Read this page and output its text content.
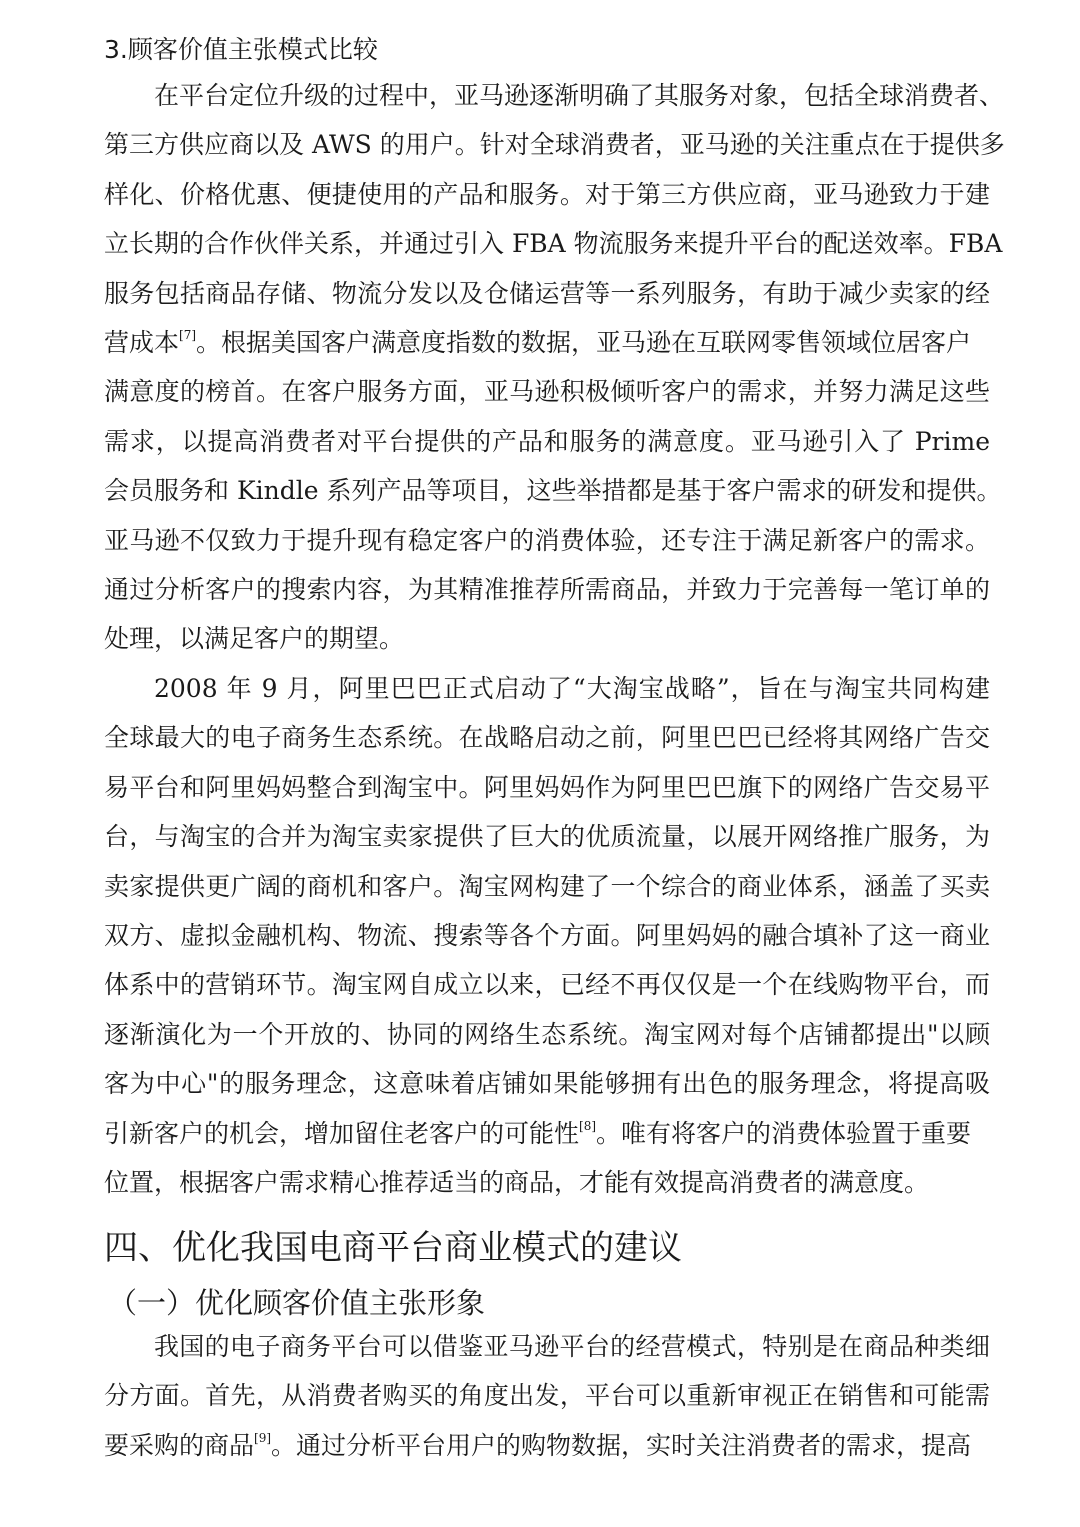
3.顾客价值主张模式比较
在平台定位升级的过程中，亚马逊逐渐明确了其服务对象，包括全球消费者、
第三方供应商以及 AWS 的用户。针对全球消费者，亚马逊的关注重点在于提供多
样化、价格优惠、便捷使用的产品和服务。对于第三方供应商，亚马逊致力于建
立长期的合作伙伴关系，并通过引入 FBA 物流服务来提升平台的配送效率。FBA
服务包括商品存储、物流分发以及仓储运营等一系列服务，有助于减少卖家的经
营成本[7]。根据美国客户满意度指数的数据，亚马逊在互联网零售领域位居客户
满意度的榜首。在客户服务方面，亚马逊积极倾听客户的需求，并努力满足这些
需求，以提高消费者对平台提供的产品和服务的满意度。亚马逊引入了 Prime
会员服务和 Kindle 系列产品等项目，这些举措都是基于客户需求的研发和提供。
亚马逊不仅致力于提升现有稳定客户的消费体验，还专注于满足新客户的需求。
通过分析客户的搜索内容，为其精准推荐所需商品，并致力于完善每一笔订单的
处理，以满足客户的期望。
2008 年 9 月，阿里巴巴正式启动了“大淘宝战略”，旨在与淘宝共同构建
全球最大的电子商务生态系统。在战略启动之前，阿里巴巴已经将其网络广告交
易平台和阿里妈妈整合到淘宝中。阿里妈妈作为阿里巴巴旗下的网络广告交易平
台，与淘宝的合并为淘宝卖家提供了巨大的优质流量，以展开网络推广服务，为
卖家提供更广阔的商机和客户。淘宝网构建了一个综合的商业体系，涵盖了买卖
双方、虚拟金融机构、物流、搜索等各个方面。阿里妈妈的融合填补了这一商业
体系中的营销环节。淘宝网自成立以来，已经不再仅仅是一个在线购物平台，而
逐渐演化为一个开放的、协同的网络生态系统。淘宝网对每个店铺都提出"以顾
客为中心"的服务理念，这意味着店铺如果能够拥有出色的服务理念，将提高吸
引新客户的机会，增加留住老客户的可能性[8]。唯有将客户的消费体验置于重要
位置，根据客户需求精心推荐适当的商品，才能有效提高消费者的满意度。
四、优化我国电商平台商业模式的建议
（一）优化顾客价值主张形象
我国的电子商务平台可以借鉴亚马逊平台的经营模式，特别是在商品种类细
分方面。首先，从消费者购买的角度出发，平台可以重新审视正在销售和可能需
要采购的商品[9]。通过分析平台用户的购物数据，实时关注消费者的需求，提高
